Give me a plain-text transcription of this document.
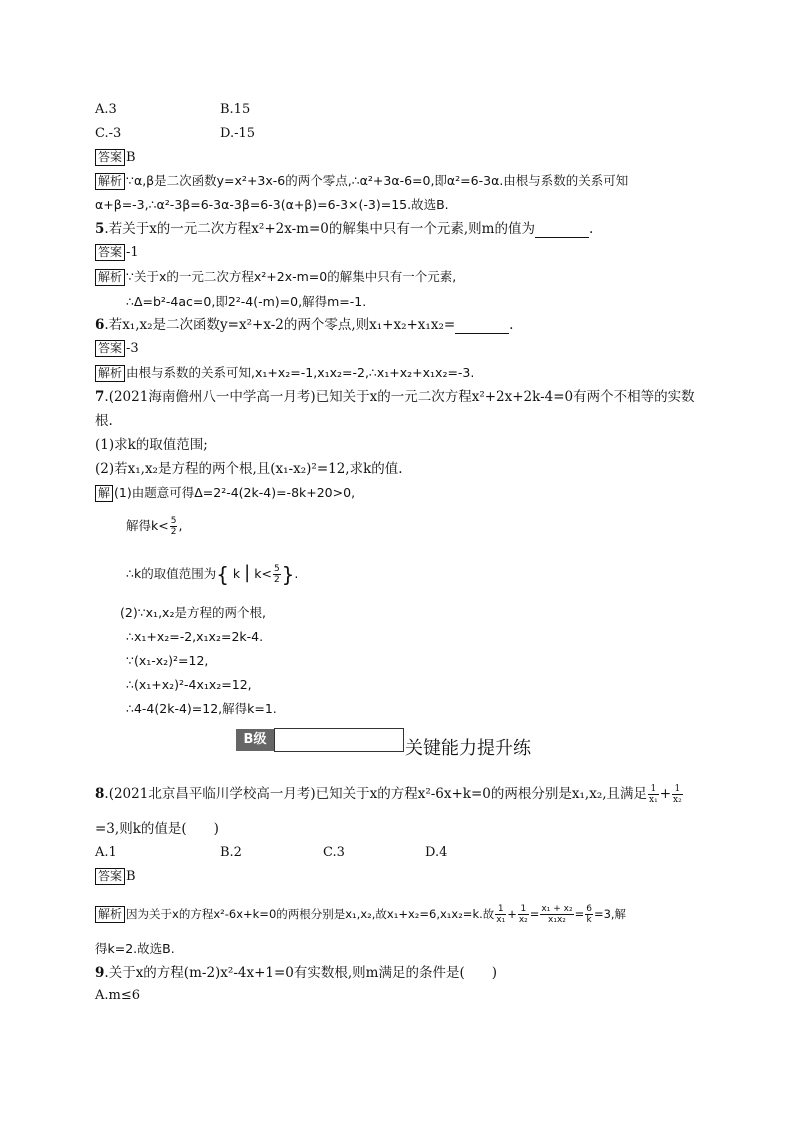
A.3	B.15
C.-3	D.-15
答案 B
解析 ∵α,β是二次函数y=x²+3x-6的两个零点,∴α²+3α-6=0,即α²=6-3α.由根与系数的关系可知
α+β=-3,∴α²-3β=6-3α-3β=6-3(α+β)=6-3×(-3)=15.故选B.
5.若关于x的一元二次方程x²+2x-m=0的解集中只有一个元素,则m的值为	.
答案 -1
解析 ∵关于x的一元二次方程x²+2x-m=0的解集中只有一个元素,
∴Δ=b²-4ac=0,即2²-4(-m)=0,解得m=-1.
6.若x₁,x₂是二次函数y=x²+x-2的两个零点,则x₁+x₂+x₁x₂=	.
答案 -3
解析 由根与系数的关系可知,x₁+x₂=-1,x₁x₂=-2,∴x₁+x₂+x₁x₂=-3.
7.(2021海南儋州八一中学高一月考)已知关于x的一元二次方程x²+2x+2k-4=0有两个不相等的实数
根.
(1)求k的取值范围;
(2)若x₁,x₂是方程的两个根,且(x₁-x₂)²=12,求k的值.
解 (1)由题意可得Δ=2²-4(2k-4)=-8k+20>0,
解得$k< \frac{5}{2}$ ,
∴k的取值范围为{ k | $k< \frac{5}{2}$ }.
(2)∵x₁,x₂是方程的两个根,
∴x₁+x₂=-2,x₁x₂=2k-4.
∵(x₁-x₂)²=12,
∴(x₁+x₂)²-4x₁x₂=12,
∴4-4(2k-4)=12,解得k=1.
B级	关键能力提升练
8.(2021北京昌平临川学校高一月考)已知关于x的方程x²-6x+k=0的两根分别是x₁,x₂,且满足 $\frac{1}{\text{x₁}} + \frac{1}{\text{x₂}}$
=3,则k的值是(　　)
A.1	B.2	C.3	D.4
答案 B
解析 因为关于x的方程x²-6x+k=0的两根分别是x₁,x₂,故x₁+x₂=6,x₁x₂=k.故 $\frac{1}{\text{x₁}} + \frac{1}{\text{x₂}} = \frac{\text{x₁ + x₂}}{\text{x₁x₂}} = \frac{6}{k} =3$,解
得k=2.故选B.
9.关于x的方程(m-2)x²-4x+1=0有实数根,则m满足的条件是(　　)
A.m≤6
